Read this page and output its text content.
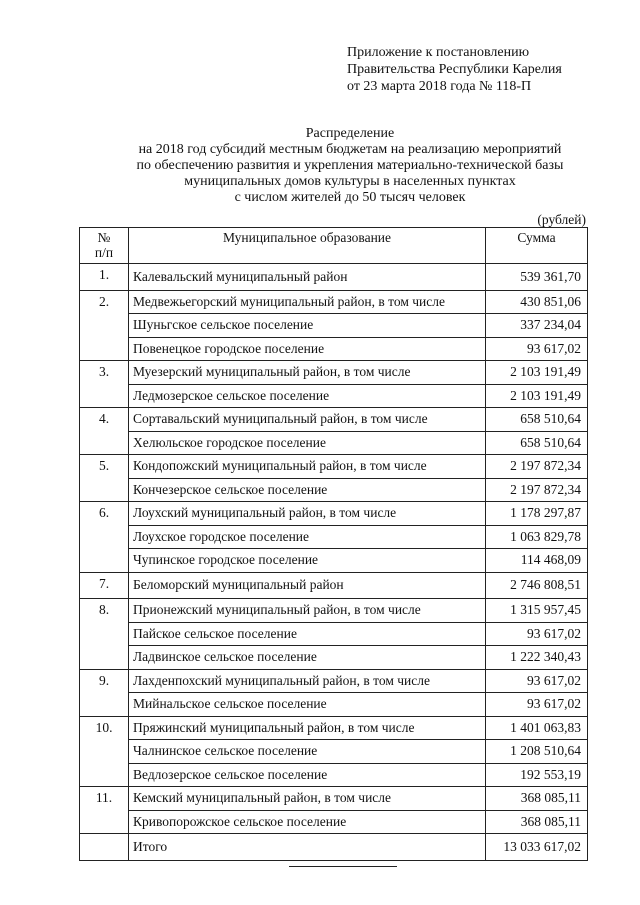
Приложение к постановлению
Правительства Республики Карелия
от 23 марта 2018 года № 118-П
Распределение
на 2018 год субсидий местным бюджетам на реализацию мероприятий
по обеспечению развития и укрепления материально-технической базы
муниципальных домов культуры в населенных пунктах
с числом жителей до 50 тысяч человек
(рублей)
№
п/п	Муниципальное образование	Сумма
1.	Калевальский муниципальный район	539 361,70
2.	Медвежьегорский муниципальный район, в том числе	430 851,06
	Шуньгское сельское поселение	337 234,04
	Повенецкое городское поселение	93 617,02
3.	Муезерский муниципальный район, в том числе	2 103 191,49
	Ледмозерское сельское поселение	2 103 191,49
4.	Сортавальский муниципальный район, в том числе	658 510,64
	Хелюльское городское поселение	658 510,64
5.	Кондопожский муниципальный район, в том числе	2 197 872,34
	Кончезерское сельское поселение	2 197 872,34
6.	Лоухский муниципальный район, в том числе	1 178 297,87
	Лоухское городское поселение	1 063 829,78
	Чупинское городское поселение	114 468,09
7.	Беломорский муниципальный район	2 746 808,51
8.	Прионежский муниципальный район, в том числе	1 315 957,45
	Пайское сельское поселение	93 617,02
	Ладвинское сельское поселение	1 222 340,43
9.	Лахденпохский муниципальный район, в том числе	93 617,02
	Мийнальское сельское поселение	93 617,02
10.	Пряжинский муниципальный район, в том числе	1 401 063,83
	Чалнинское сельское поселение	1 208 510,64
	Ведлозерское сельское поселение	192 553,19
11.	Кемский муниципальный район, в том числе	368 085,11
	Кривопорожское сельское поселение	368 085,11
	Итого	13 033 617,02
